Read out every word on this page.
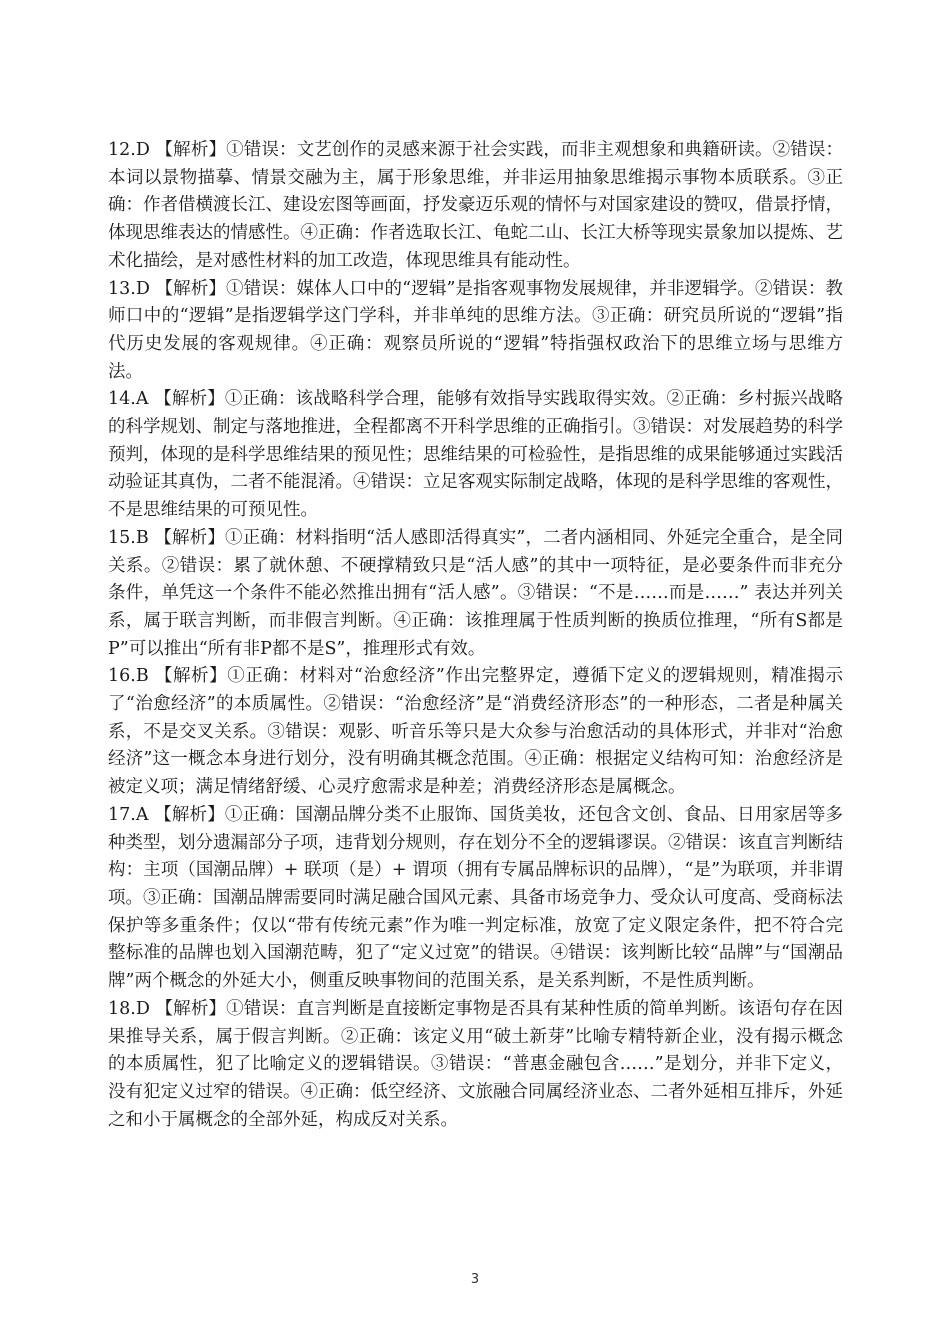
12.D 【解析】①错误：文艺创作的灵感来源于社会实践，而非主观想象和典籍研读。②错误：本词以景物描摹、情景交融为主，属于形象思维，并非运用抽象思维揭示事物本质联系。③正确：作者借横渡长江、建设宏图等画面，抒发豪迈乐观的情怀与对国家建设的赞叹，借景抒情，体现思维表达的情感性。④正确：作者选取长江、龟蛇二山、长江大桥等现实景象加以提炼、艺术化描绘，是对感性材料的加工改造，体现思维具有能动性。

13.D 【解析】①错误：媒体人口中的“逻辑”是指客观事物发展规律，并非逻辑学。②错误：教师口中的“逻辑”是指逻辑学这门学科，并非单纯的思维方法。③正确：研究员所说的“逻辑”指代历史发展的客观规律。④正确：观察员所说的“逻辑”特指强权政治下的思维立场与思维方法。

14.A 【解析】①正确：该战略科学合理，能够有效指导实践取得实效。②正确：乡村振兴战略的科学规划、制定与落地推进，全程都离不开科学思维的正确指引。③错误：对发展趋势的科学预判，体现的是科学思维结果的预见性；思维结果的可检验性，是指思维的成果能够通过实践活动验证其真伪，二者不能混淆。④错误：立足客观实际制定战略，体现的是科学思维的客观性，不是思维结果的可预见性。

15.B 【解析】①正确：材料指明“活人感即活得真实”，二者内涵相同、外延完全重合，是全同关系。②错误：累了就休憩、不硬撑精致只是“活人感”的其中一项特征，是必要条件而非充分条件，单凭这一个条件不能必然推出拥有“活人感”。③错误：“不是……而是……” 表达并列关系，属于联言判断，而非假言判断。④正确：该推理属于性质判断的换质位推理，“所有S都是P”可以推出“所有非P都不是S”，推理形式有效。

16.B 【解析】①正确：材料对“治愈经济”作出完整界定，遵循下定义的逻辑规则，精准揭示了“治愈经济”的本质属性。②错误：“治愈经济”是“消费经济形态”的一种形态，二者是种属关系，不是交叉关系。③错误：观影、听音乐等只是大众参与治愈活动的具体形式，并非对“治愈经济”这一概念本身进行划分，没有明确其概念范围。④正确：根据定义结构可知：治愈经济是被定义项；满足情绪舒缓、心灵疗愈需求是种差；消费经济形态是属概念。

17.A 【解析】①正确：国潮品牌分类不止服饰、国货美妆，还包含文创、食品、日用家居等多种类型，划分遗漏部分子项，违背划分规则，存在划分不全的逻辑谬误。②错误：该直言判断结构：主项（国潮品牌）+ 联项（是）+ 谓项（拥有专属品牌标识的品牌），“是”为联项，并非谓项。③正确：国潮品牌需要同时满足融合国风元素、具备市场竞争力、受众认可度高、受商标法保护等多重条件；仅以“带有传统元素”作为唯一判定标准，放宽了定义限定条件，把不符合完整标准的品牌也划入国潮范畴，犯了“定义过宽”的错误。④错误：该判断比较“品牌”与“国潮品牌”两个概念的外延大小，侧重反映事物间的范围关系，是关系判断，不是性质判断。

18.D 【解析】①错误：直言判断是直接断定事物是否具有某种性质的简单判断。该语句存在因果推导关系，属于假言判断。②正确：该定义用“破土新芽”比喻专精特新企业，没有揭示概念的本质属性，犯了比喻定义的逻辑错误。③错误：“普惠金融包含……”是划分，并非下定义，没有犯定义过窄的错误。④正确：低空经济、文旅融合同属经济业态、二者外延相互排斥，外延之和小于属概念的全部外延，构成反对关系。

3
